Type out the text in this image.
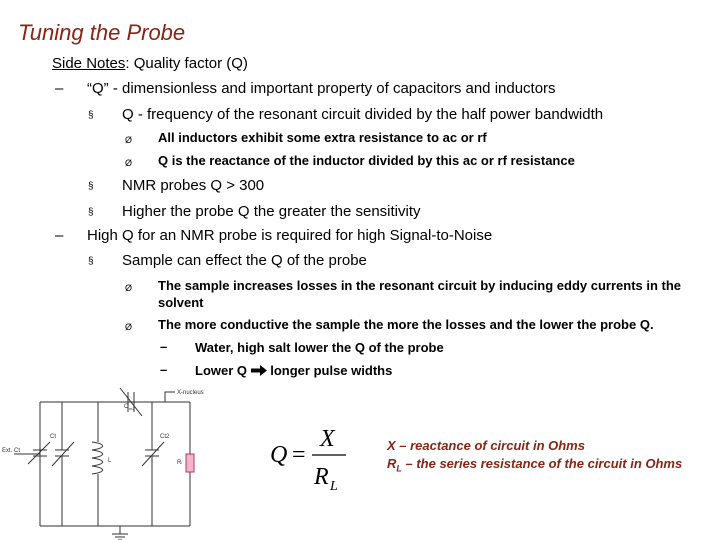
Tuning the Probe
Side Notes: Quality factor (Q)
– “Q” - dimensionless and important property of capacitors and inductors
§ Q - frequency of the resonant circuit divided by the half power bandwidth
Ø All inductors exhibit some extra resistance to ac or rf
Ø Q is the reactance of the inductor divided by this ac or rf resistance
§ NMR probes Q > 300
§ Higher the probe Q the greater the sensitivity
– High Q for an NMR probe is required for high Signal-to-Noise
§ Sample can effect the Q of the probe
Ø The sample increases losses in the resonant circuit by inducing eddy currents in the solvent
Ø The more conductive the sample the more the losses and the lower the probe Q.
– Water, high salt lower the Q of the probe
– Lower Q  longer pulse widths
C m2
X-nucleus
Ext. Ct
Ct
L
Ct2
Rₗ	Q =
X
R L
X – reactance of circuit in Ohms
$R_L$ – the series resistance of the circuit in Ohms
